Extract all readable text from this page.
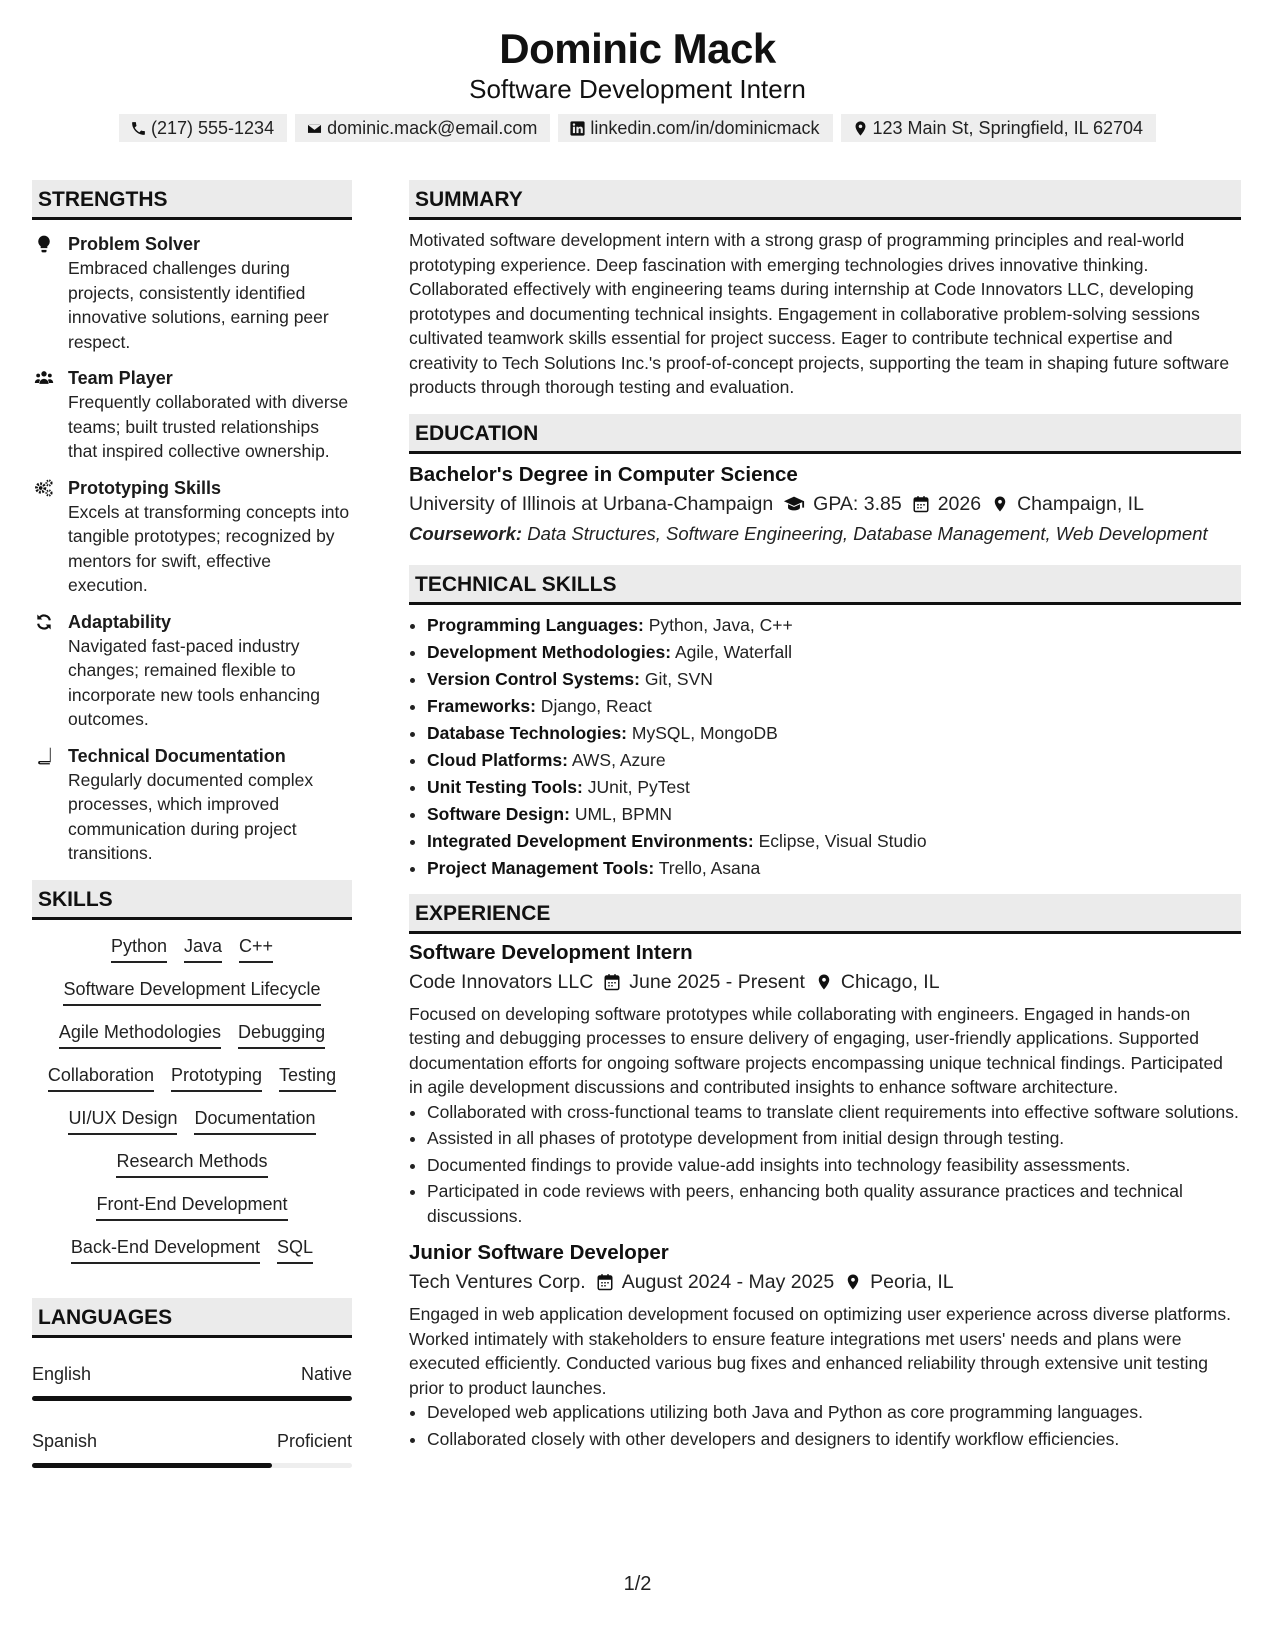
Dominic Mack
Software Development Intern
(217) 555-1234	dominic.mack@email.com	linkedin.com/in/dominicmack	123 Main St, Springfield, IL 62704
STRENGTHS
Problem Solver
Embraced challenges during projects, consistently identified innovative solutions, earning peer respect.
Team Player
Frequently collaborated with diverse teams; built trusted relationships that inspired collective ownership.
Prototyping Skills
Excels at transforming concepts into tangible prototypes; recognized by mentors for swift, effective execution.
Adaptability
Navigated fast-paced industry changes; remained flexible to incorporate new tools enhancing outcomes.
Technical Documentation
Regularly documented complex processes, which improved communication during project transitions.
SKILLS
Python Java C++
Software Development Lifecycle
Agile Methodologies Debugging
Collaboration Prototyping Testing
UI/UX Design Documentation
Research Methods
Front-End Development
Back-End Development SQL
LANGUAGES
English	Native
Spanish	Proficient
SUMMARY
Motivated software development intern with a strong grasp of programming principles and real-world prototyping experience. Deep fascination with emerging technologies drives innovative thinking. Collaborated effectively with engineering teams during internship at Code Innovators LLC, developing prototypes and documenting technical insights. Engagement in collaborative problem-solving sessions cultivated teamwork skills essential for project success. Eager to contribute technical expertise and creativity to Tech Solutions Inc.'s proof-of-concept projects, supporting the team in shaping future software products through thorough testing and evaluation.
EDUCATION
Bachelor's Degree in Computer Science
University of Illinois at Urbana-Champaign GPA: 3.85 2026 Champaign, IL
Coursework: Data Structures, Software Engineering, Database Management, Web Development
TECHNICAL SKILLS
• Programming Languages: Python, Java, C++
• Development Methodologies: Agile, Waterfall
• Version Control Systems: Git, SVN
• Frameworks: Django, React
• Database Technologies: MySQL, MongoDB
• Cloud Platforms: AWS, Azure
• Unit Testing Tools: JUnit, PyTest
• Software Design: UML, BPMN
• Integrated Development Environments: Eclipse, Visual Studio
• Project Management Tools: Trello, Asana
EXPERIENCE
Software Development Intern
Code Innovators LLC June 2025 - Present Chicago, IL
Focused on developing software prototypes while collaborating with engineers. Engaged in hands-on testing and debugging processes to ensure delivery of engaging, user-friendly applications. Supported documentation efforts for ongoing software projects encompassing unique technical findings. Participated in agile development discussions and contributed insights to enhance software architecture.
• Collaborated with cross-functional teams to translate client requirements into effective software solutions.
• Assisted in all phases of prototype development from initial design through testing.
• Documented findings to provide value-add insights into technology feasibility assessments.
• Participated in code reviews with peers, enhancing both quality assurance practices and technical discussions.
Junior Software Developer
Tech Ventures Corp. August 2024 - May 2025 Peoria, IL
Engaged in web application development focused on optimizing user experience across diverse platforms. Worked intimately with stakeholders to ensure feature integrations met users' needs and plans were executed efficiently. Conducted various bug fixes and enhanced reliability through extensive unit testing prior to product launches.
• Developed web applications utilizing both Java and Python as core programming languages.
• Collaborated closely with other developers and designers to identify workflow efficiencies.
1/2
